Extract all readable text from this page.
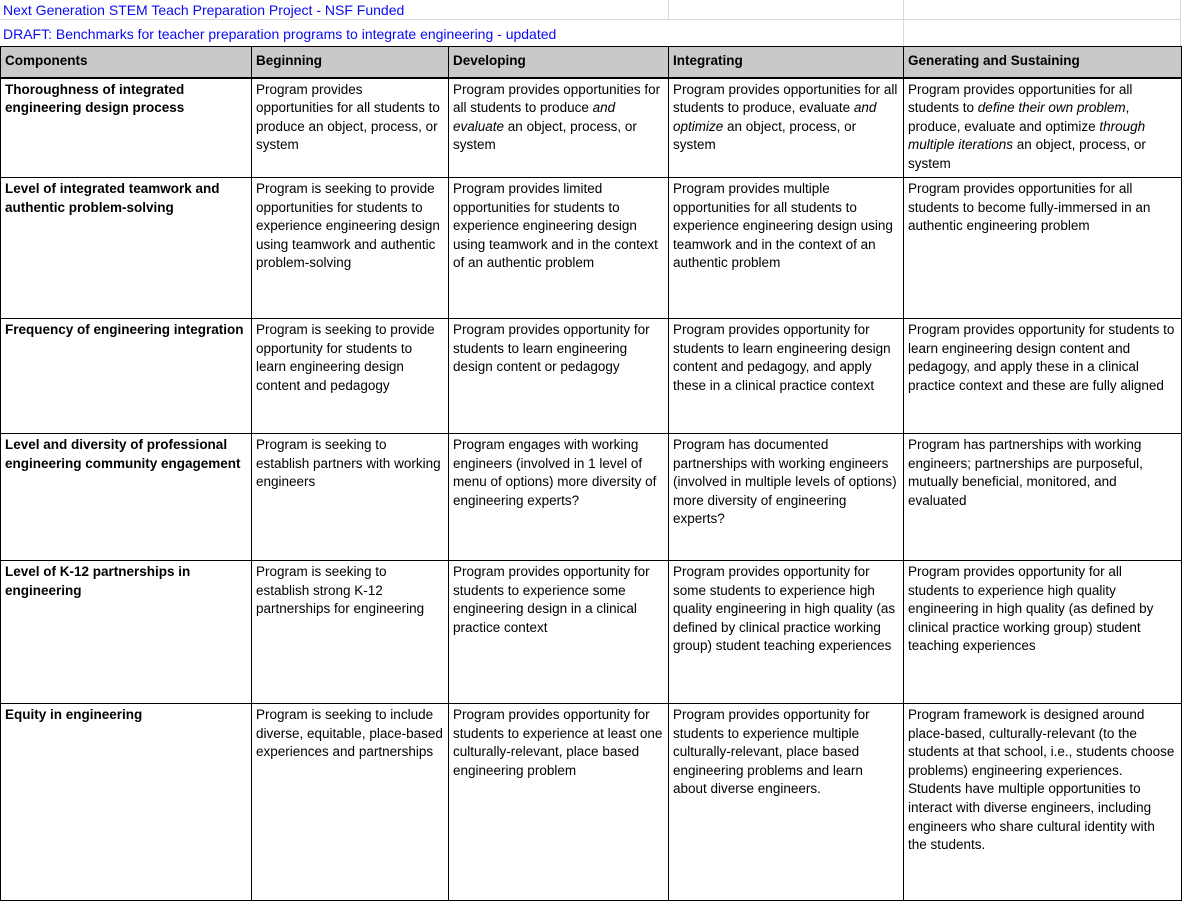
Next Generation STEM Teach Preparation Project - NSF Funded
DRAFT: Benchmarks for teacher preparation programs to integrate engineering - updated
Components	Beginning	Developing	Integrating	Generating and Sustaining
Thoroughness of integrated engineering design process	Program provides opportunities for all students to produce an object, process, or system	Program provides opportunities for all students to produce and evaluate an object, process, or system	Program provides opportunities for all students to produce, evaluate and optimize an object, process, or system	Program provides opportunities for all students to define their own problem, produce, evaluate and optimize through multiple iterations an object, process, or system
Level of integrated teamwork and authentic problem-solving	Program is seeking to provide opportunities for students to experience engineering design using teamwork and authentic problem-solving	Program provides limited opportunities for students to experience engineering design using teamwork and in the context of an authentic problem	Program provides multiple opportunities for all students to experience engineering design using teamwork and in the context of an authentic problem	Program provides opportunities for all students to become fully-immersed in an authentic engineering problem
Frequency of engineering integration	Program is seeking to provide opportunity for students to learn engineering design content and pedagogy	Program provides opportunity for students to learn engineering design content or pedagogy	Program provides opportunity for students to learn engineering design content and pedagogy, and apply these in a clinical practice context	Program provides opportunity for students to learn engineering design content and pedagogy, and apply these in a clinical practice context and these are fully aligned
Level and diversity of professional engineering community engagement	Program is seeking to establish partners with working engineers	Program engages with working engineers (involved in 1 level of menu of options) more diversity of engineering experts?	Program has documented partnerships with working engineers (involved in multiple levels of options) more diversity of engineering experts?	Program has partnerships with working engineers; partnerships are purposeful, mutually beneficial, monitored, and evaluated
Level of K-12 partnerships in engineering	Program is seeking to establish strong K-12 partnerships for engineering	Program provides opportunity for students to experience some engineering design in a clinical practice context	Program provides opportunity for some students to experience high quality engineering in high quality (as defined by clinical practice working group) student teaching experiences	Program provides opportunity for all students to experience high quality engineering in high quality (as defined by clinical practice working group) student teaching experiences
Equity in engineering	Program is seeking to include diverse, equitable, place-based experiences and partnerships	Program provides opportunity for students to experience at least one culturally-relevant, place based engineering problem	Program provides opportunity for students to experience multiple culturally-relevant, place based engineering problems and learn about diverse engineers.	Program framework is designed around place-based, culturally-relevant (to the students at that school, i.e., students choose problems) engineering experiences. Students have multiple opportunities to interact with diverse engineers, including engineers who share cultural identity with the students.
